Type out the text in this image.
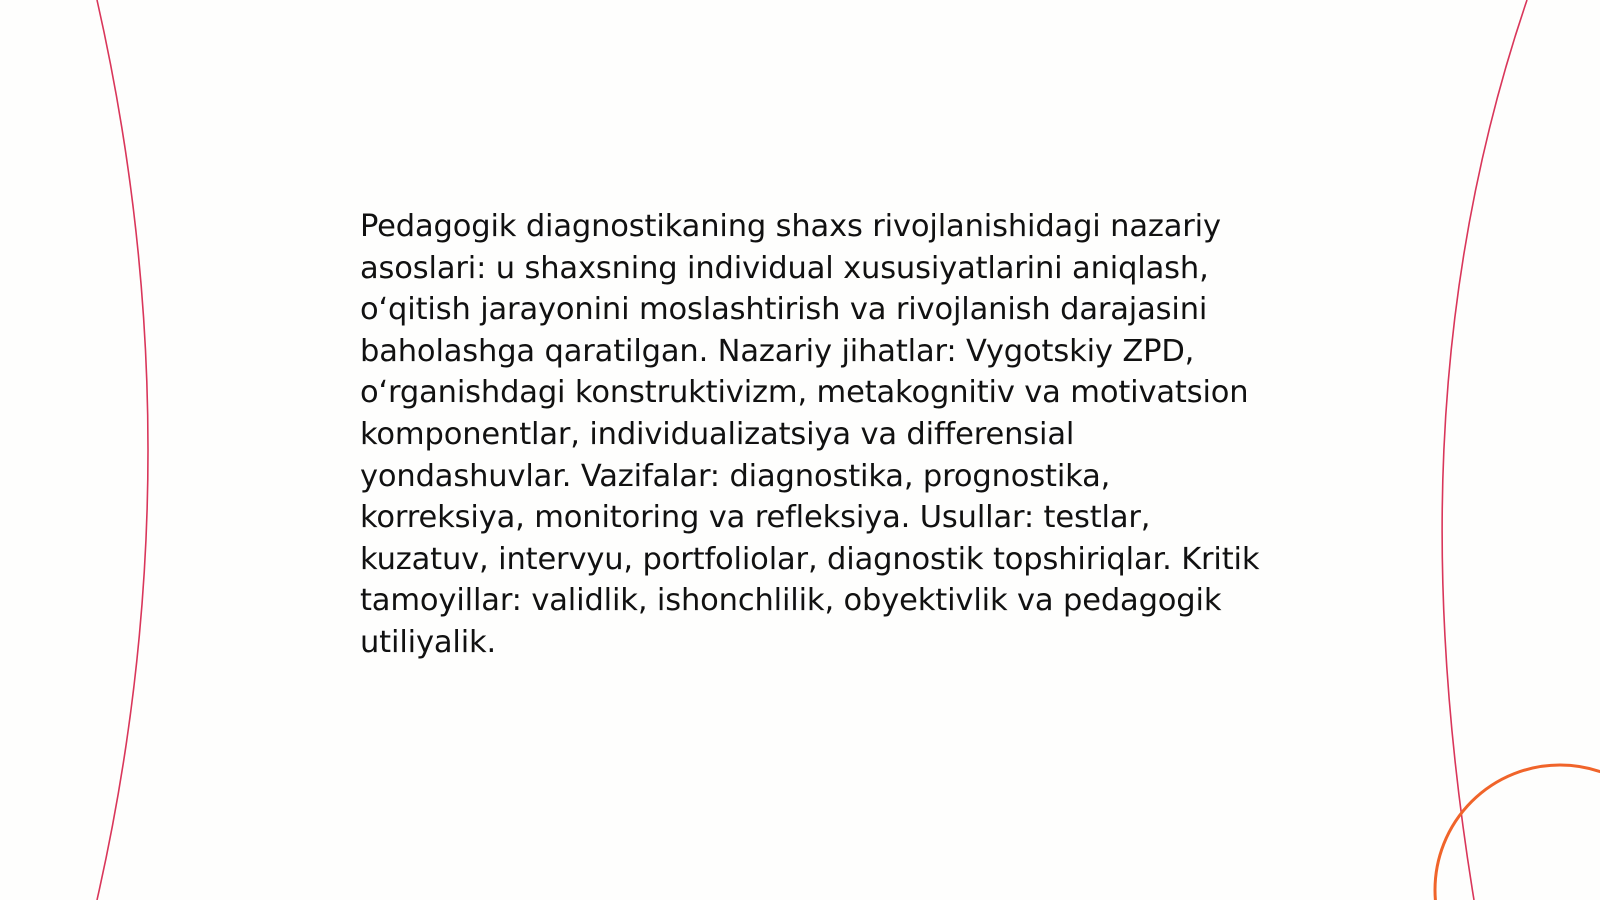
Pedagogik diagnostikaning shaxs rivojlanishidagi nazariy asoslari: u shaxsning individual xususiyatlarini aniqlash, o‘qitish jarayonini moslashtirish va rivojlanish darajasini baholashga qaratilgan. Nazariy jihatlar: Vygotskiy ZPD, o‘rganishdagi konstruktivizm, metakognitiv va motivatsion komponentlar, individualizatsiya va differensial yondashuvlar. Vazifalar: diagnostika, prognostika, korreksiya, monitoring va refleksiya. Usullar: testlar, kuzatuv, intervyu, portfoliolar, diagnostik topshiriqlar. Kritik tamoyillar: validlik, ishonchlilik, obyektivlik va pedagogik utiliyalik.
